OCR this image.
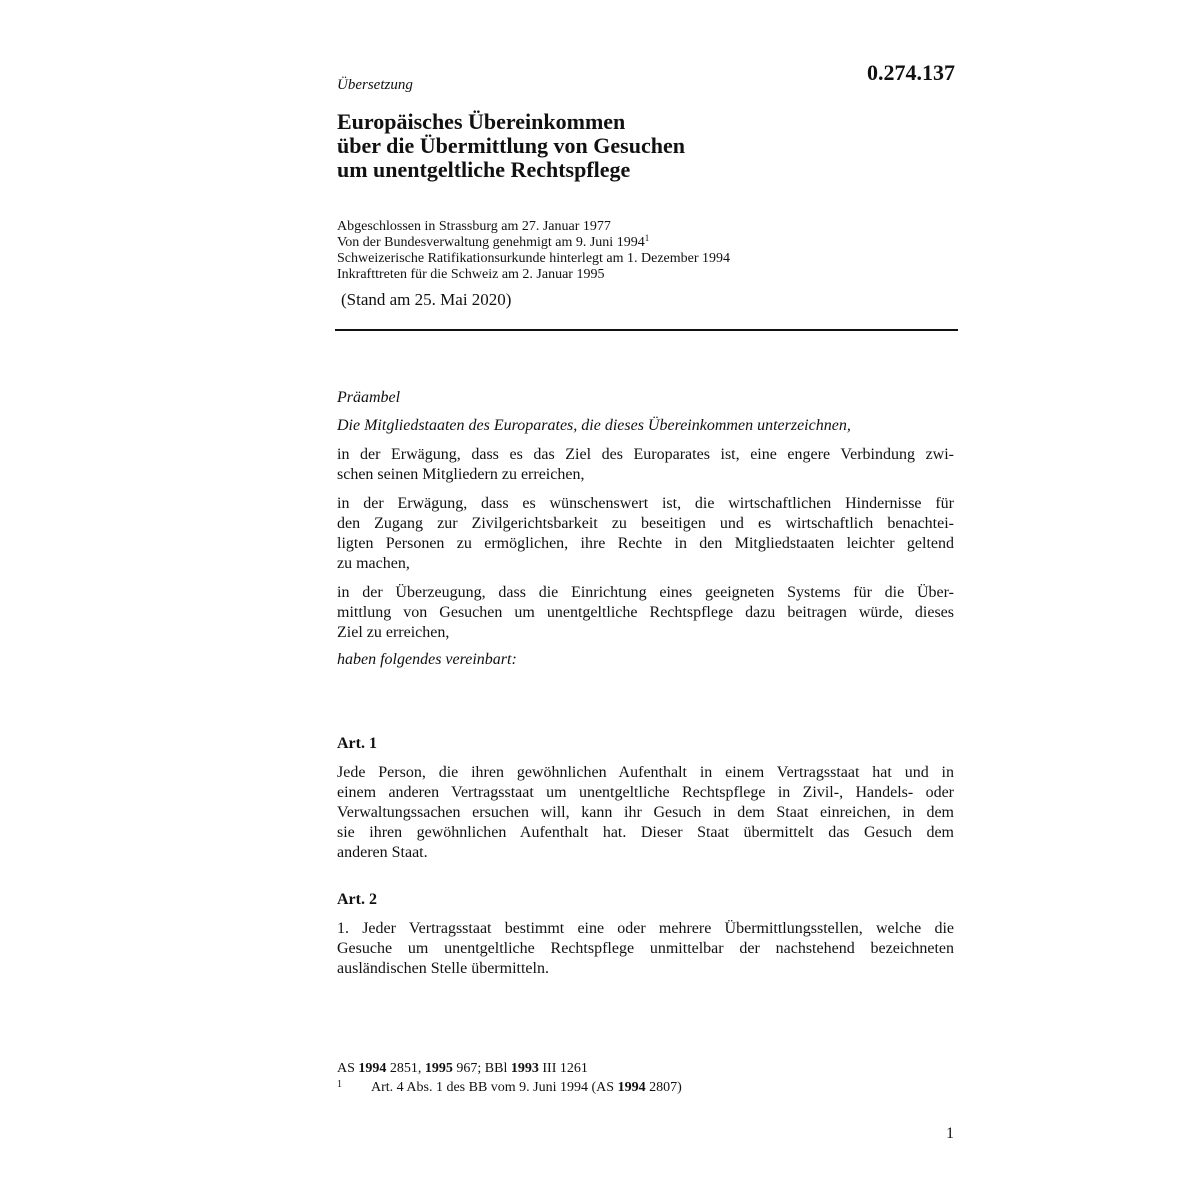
0.274.137
Übersetzung
Europäisches Übereinkommen
über die Übermittlung von Gesuchen
um unentgeltliche Rechtspflege
Abgeschlossen in Strassburg am 27. Januar 1977
Von der Bundesverwaltung genehmigt am 9. Juni 1994$^1$
Schweizerische Ratifikationsurkunde hinterlegt am 1. Dezember 1994
Inkrafttreten für die Schweiz am 2. Januar 1995
(Stand am 25. Mai 2020)
Präambel
Die Mitgliedstaaten des Europarates, die dieses Übereinkommen unterzeichnen,
in der Erwägung, dass es das Ziel des Europarates ist, eine engere Verbindung zwi-
schen seinen Mitgliedern zu erreichen,
in der Erwägung, dass es wünschenswert ist, die wirtschaftlichen Hindernisse für
den Zugang zur Zivilgerichtsbarkeit zu beseitigen und es wirtschaftlich benachtei-
ligten Personen zu ermöglichen, ihre Rechte in den Mitgliedstaaten leichter geltend
zu machen,
in der Überzeugung, dass die Einrichtung eines geeigneten Systems für die Über-
mittlung von Gesuchen um unentgeltliche Rechtspflege dazu beitragen würde, dieses
Ziel zu erreichen,
haben folgendes vereinbart:
Art. 1
Jede Person, die ihren gewöhnlichen Aufenthalt in einem Vertragsstaat hat und in
einem anderen Vertragsstaat um unentgeltliche Rechtspflege in Zivil-, Handels- oder
Verwaltungssachen ersuchen will, kann ihr Gesuch in dem Staat einreichen, in dem
sie ihren gewöhnlichen Aufenthalt hat. Dieser Staat übermittelt das Gesuch dem
anderen Staat.
Art. 2
1. Jeder Vertragsstaat bestimmt eine oder mehrere Übermittlungsstellen, welche die
Gesuche um unentgeltliche Rechtspflege unmittelbar der nachstehend bezeichneten
ausländischen Stelle übermitteln.
AS 1994 2851, 1995 967; BBl 1993 III 1261
1 Art. 4 Abs. 1 des BB vom 9. Juni 1994 (AS 1994 2807)
1
